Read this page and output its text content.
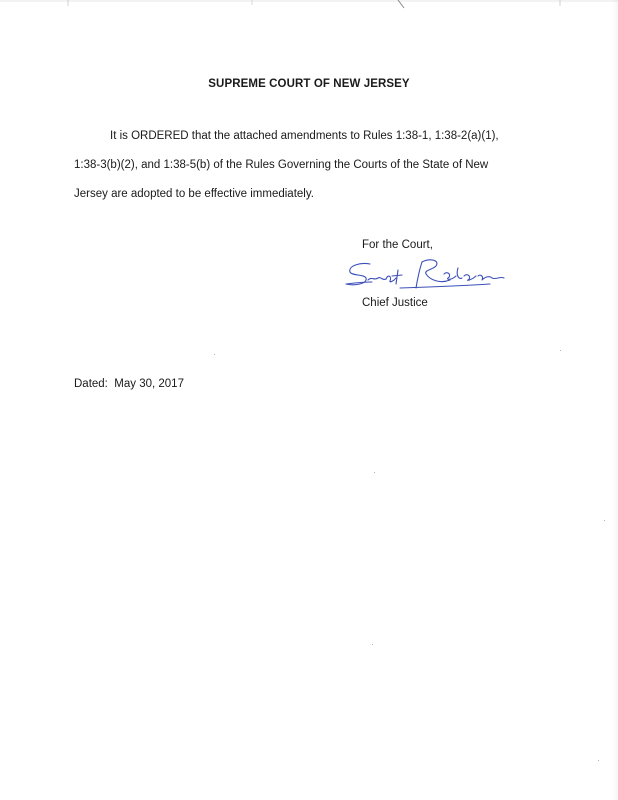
SUPREME COURT OF NEW JERSEY
It is ORDERED that the attached amendments to Rules 1:38-1, 1:38-2(a)(1),
1:38-3(b)(2), and 1:38-5(b) of the Rules Governing the Courts of the State of New
Jersey are adopted to be effective immediately.
For the Court,
Chief Justice
Dated: May 30, 2017
